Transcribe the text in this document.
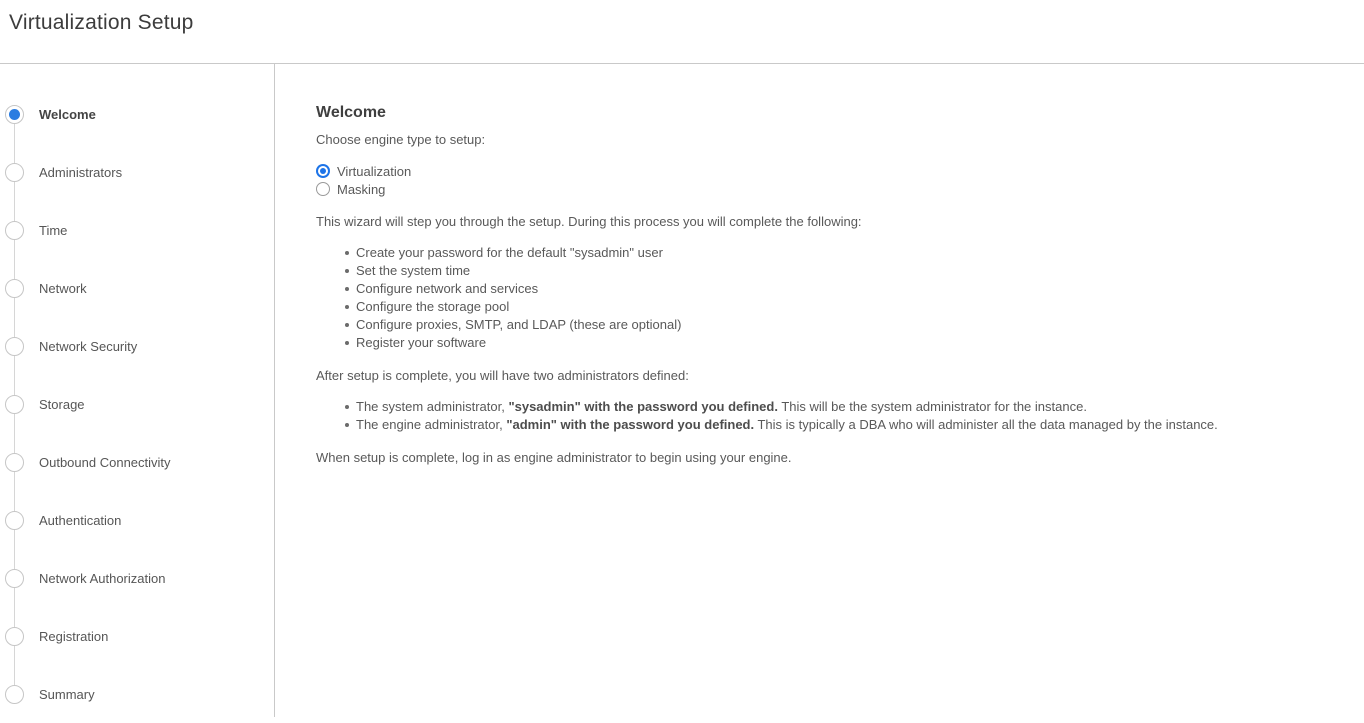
Virtualization Setup
Welcome
Administrators
Time
Network
Network Security
Storage
Outbound Connectivity
Authentication
Network Authorization
Registration
Summary
Welcome
Choose engine type to setup:
Virtualization
Masking
This wizard will step you through the setup. During this process you will complete the following:
Create your password for the default "sysadmin" user
Set the system time
Configure network and services
Configure the storage pool
Configure proxies, SMTP, and LDAP (these are optional)
Register your software
After setup is complete, you will have two administrators defined:
The system administrator, "sysadmin" with the password you defined. This will be the system administrator for the instance.
The engine administrator, "admin" with the password you defined. This is typically a DBA who will administer all the data managed by the instance.
When setup is complete, log in as engine administrator to begin using your engine.
